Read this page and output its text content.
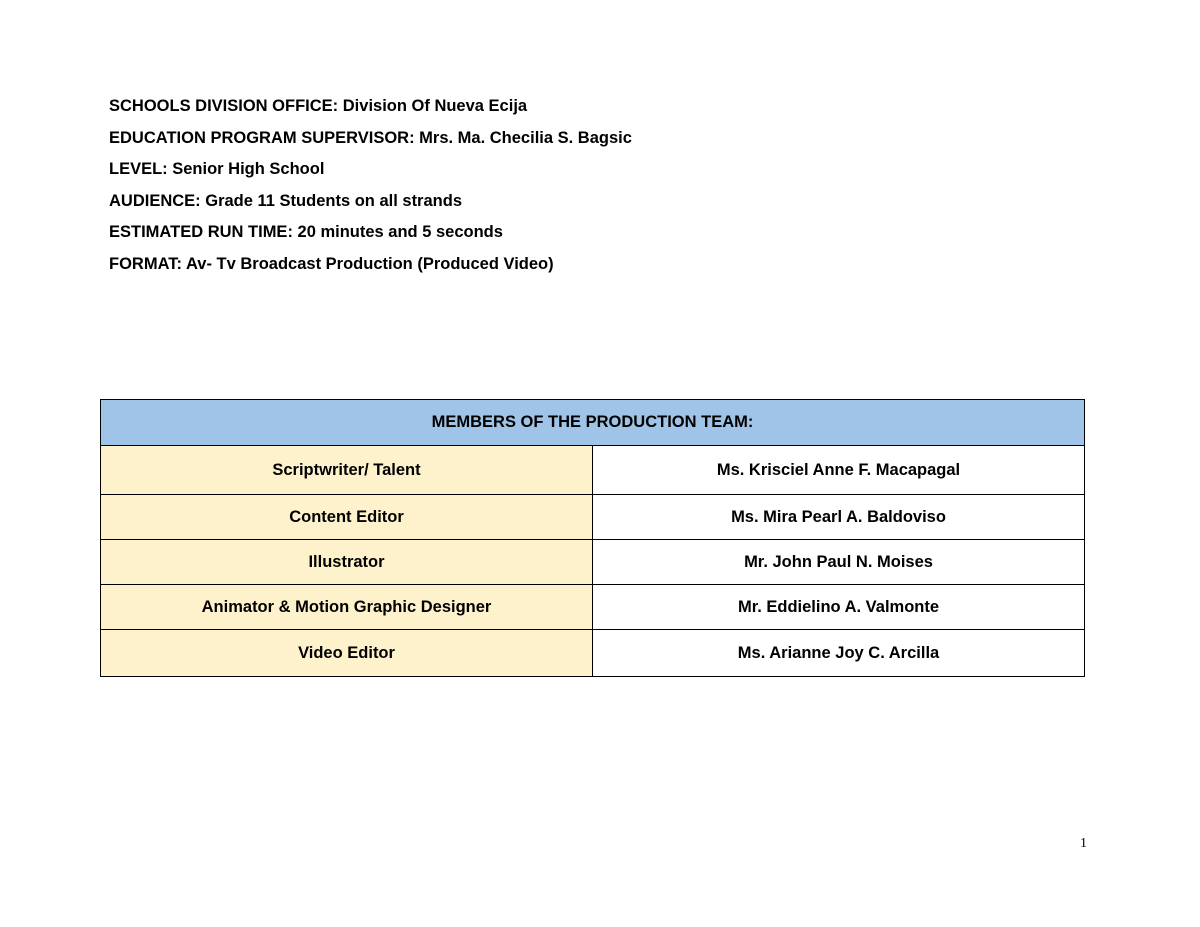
SCHOOLS DIVISION OFFICE: Division Of Nueva Ecija
EDUCATION PROGRAM SUPERVISOR: Mrs. Ma. Checilia S. Bagsic
LEVEL: Senior High School
AUDIENCE: Grade 11 Students on all strands
ESTIMATED RUN TIME: 20 minutes and 5 seconds
FORMAT: Av- Tv Broadcast Production (Produced Video)
MEMBERS OF THE PRODUCTION TEAM:	
Scriptwriter/ Talent	Ms. Krisciel Anne F. Macapagal
Content Editor	Ms. Mira Pearl A. Baldoviso
Illustrator	Mr. John Paul N. Moises
Animator & Motion Graphic Designer	Mr. Eddielino A. Valmonte
Video Editor	Ms. Arianne Joy C. Arcilla
1
